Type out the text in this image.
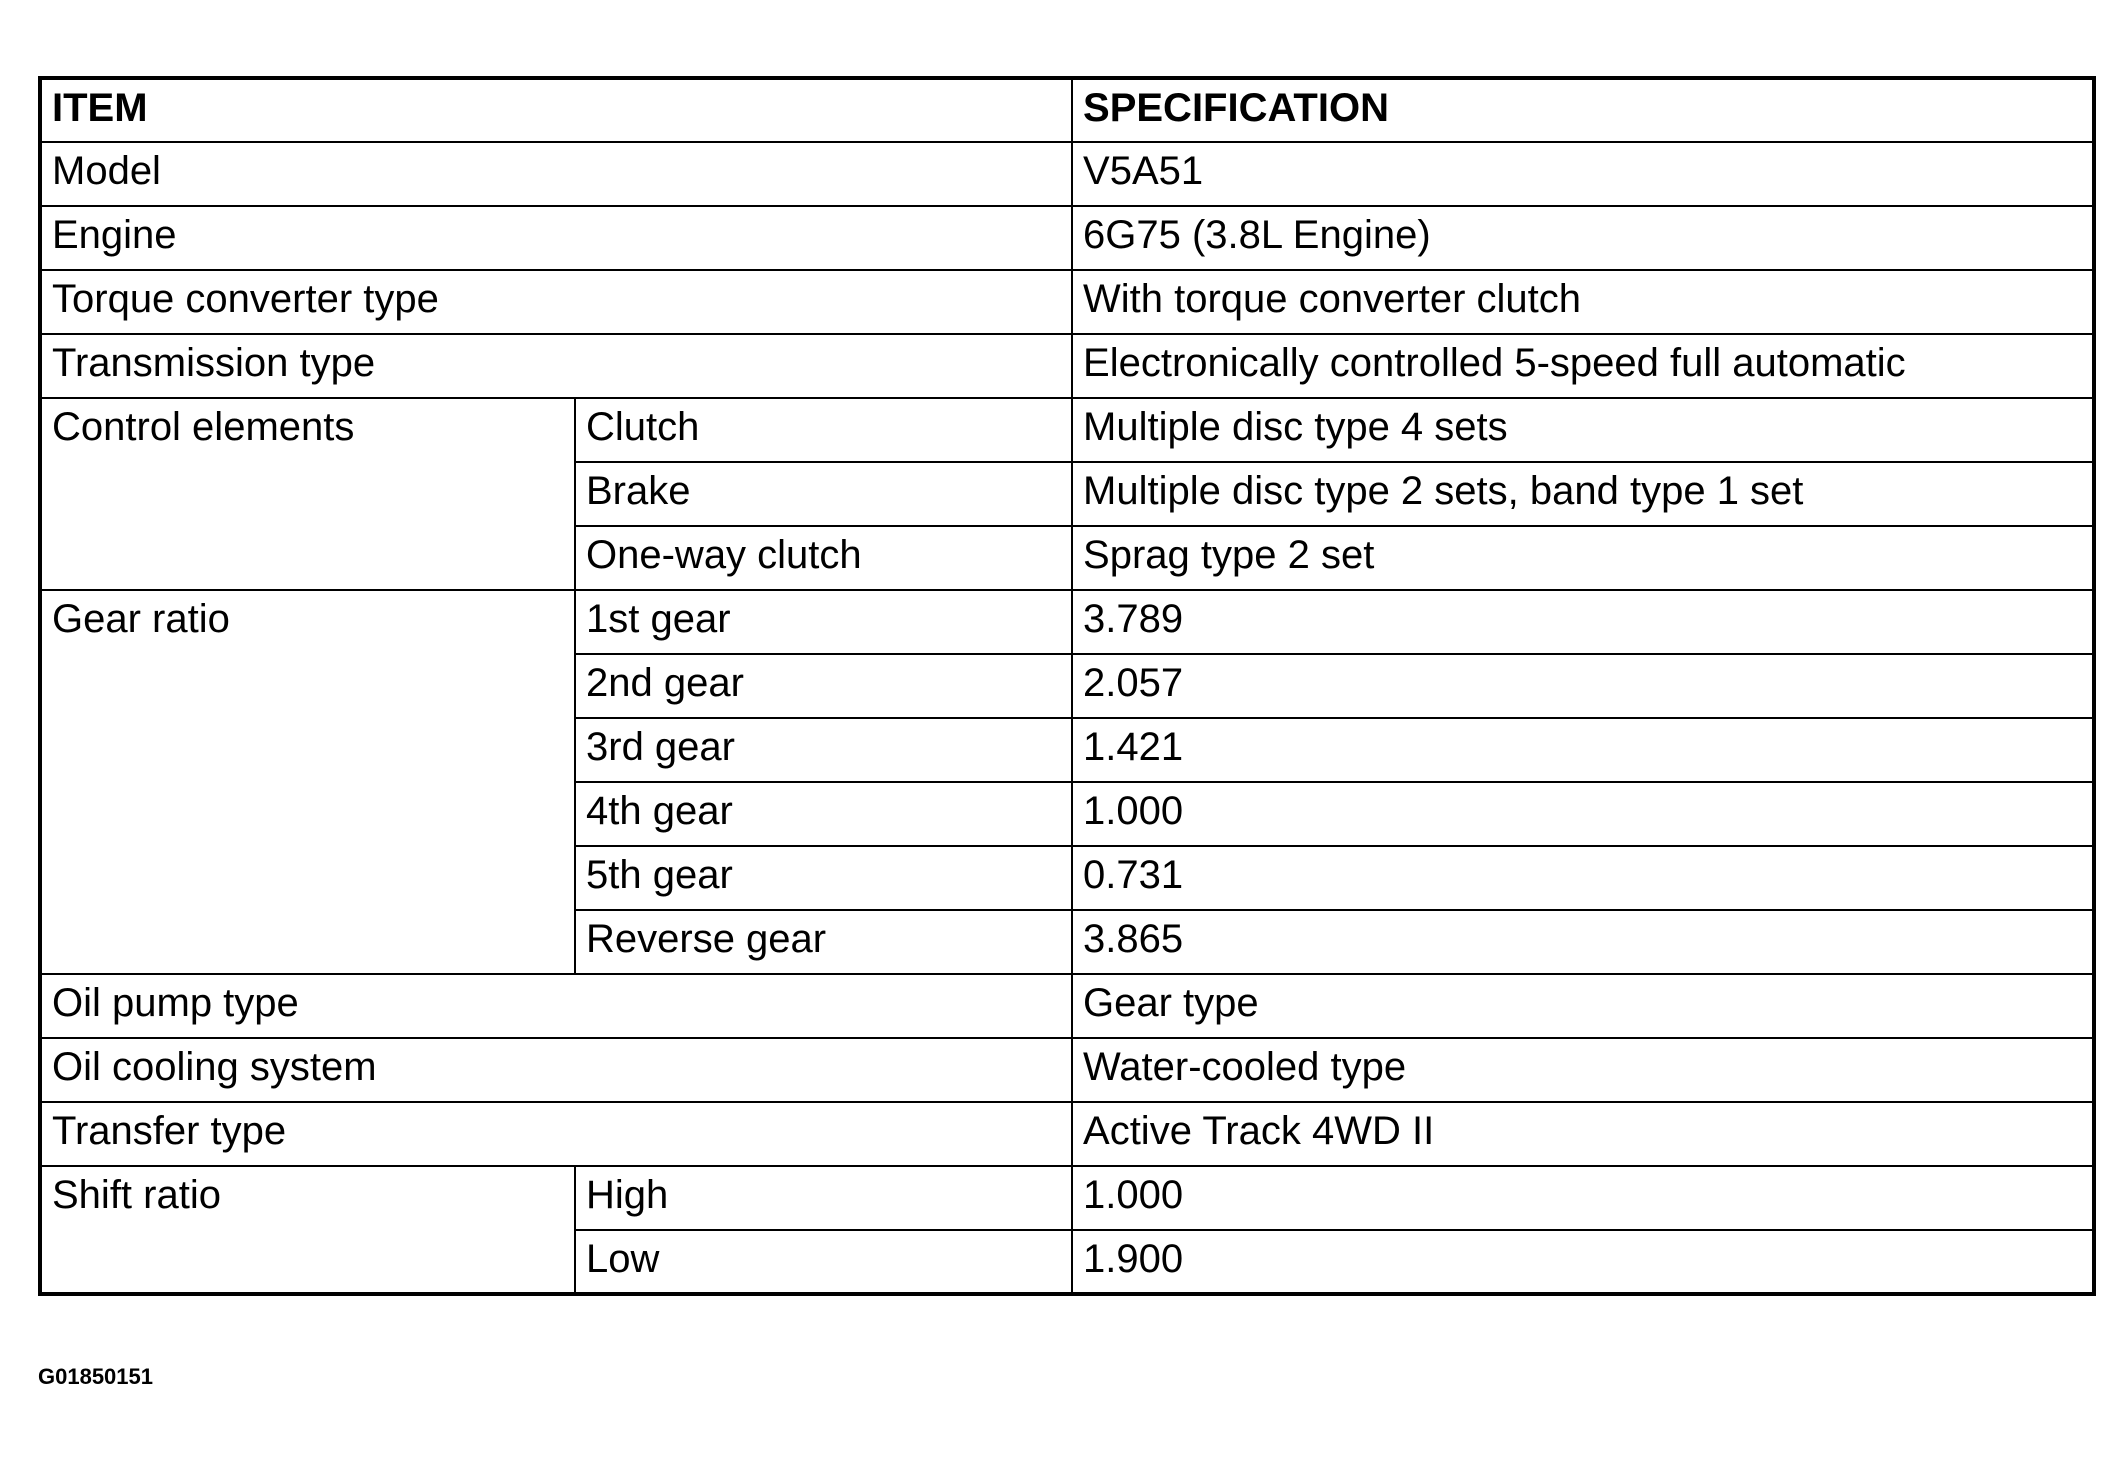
ITEM		SPECIFICATION
Model		V5A51
Engine		6G75 (3.8L Engine)
Torque converter type		With torque converter clutch
Transmission type		Electronically controlled 5-speed full automatic
Control elements	Clutch	Multiple disc type 4 sets
	Brake	Multiple disc type 2 sets, band type 1 set
	One-way clutch	Sprag type 2 set
Gear ratio	1st gear	3.789
	2nd gear	2.057
	3rd gear	1.421
	4th gear	1.000
	5th gear	0.731
	Reverse gear	3.865
Oil pump type		Gear type
Oil cooling system		Water-cooled type
Transfer type		Active Track 4WD II
Shift ratio	High	1.000
	Low	1.900
G01850151
